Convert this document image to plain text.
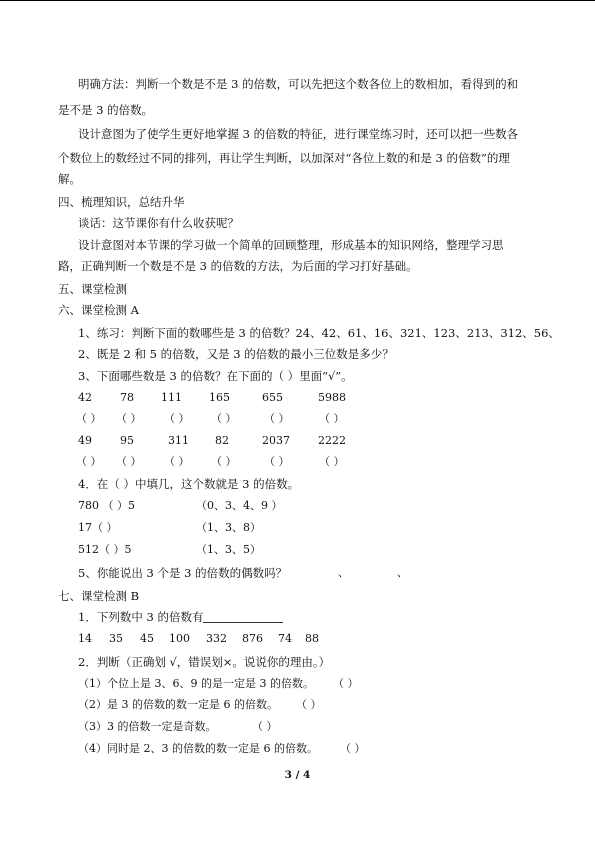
明确方法：判断一个数是不是 3 的倍数，可以先把这个数各位上的数相加，看得到的和
是不是 3 的倍数。
设计意图为了使学生更好地掌握 3 的倍数的特征，进行课堂练习时，还可以把一些数各
个数位上的数经过不同的排列，再让学生判断，以加深对“各位上数的和是 3 的倍数”的理
解。
四、梳理知识，总结升华
谈话：这节课你有什么收获呢？
设计意图对本节课的学习做一个简单的回顾整理，形成基本的知识网络，整理学习思
路，正确判断一个数是不是 3 的倍数的方法，为后面的学习打好基础。
五、课堂检测
六、课堂检测 A
1、练习：判断下面的数哪些是 3 的倍数？24、42、61、16、321、123、213、312、56、
2、既是 2 和 5 的倍数，又是 3 的倍数的最小三位数是多少？
3、下面哪些数是 3 的倍数？在下面的（ ）里面“√”。
42	78 111 165	655	5988
（ ） （ ） （ ） （ ）	（ ）	（ ）
49	95	311 82	2037	2222
（ ） （ ） （ ） （ ）	（ ）	（ ）
4．在（ ）中填几，这个数就是 3 的倍数。
780 （ ）5	（0、3、4、9 ）
17（ ）	（1、3、8）
512（ ）5	（1、3、5）
5、你能说出 3 个是 3 的倍数的偶数吗？	、	、
七、课堂检测 B
1．下列数中 3 的倍数有
14 35 45 100 332 876 74 88
2．判断（正确划 √，错误划×。说说你的理由。）
（1）个位上是 3、6、9 的是一定是 3 的倍数。 （ ）
（2）是 3 的倍数的数一定是 6 的倍数。 （ ）
（3）3 的倍数一定是奇数。	（ ）
（4）同时是 2、3 的倍数的数一定是 6 的倍数。 （ ）
3 / 4
